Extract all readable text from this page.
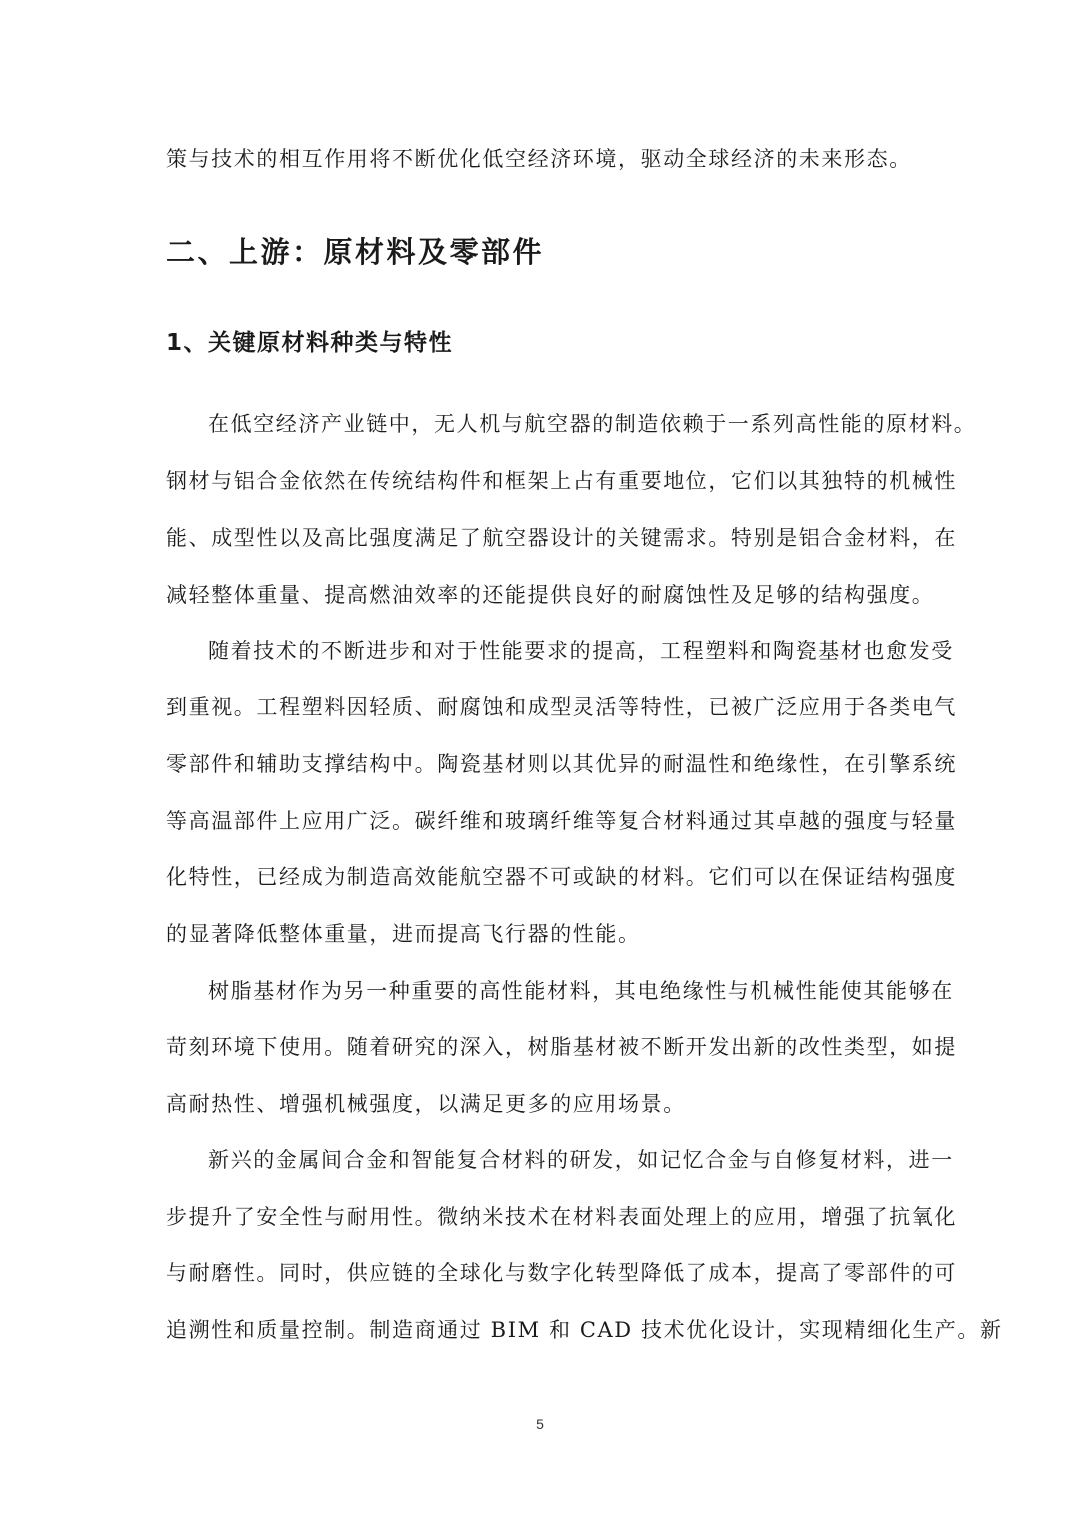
策与技术的相互作用将不断优化低空经济环境，驱动全球经济的未来形态。
二、上游：原材料及零部件
1、关键原材料种类与特性
在低空经济产业链中，无人机与航空器的制造依赖于一系列高性能的原材料。
钢材与铝合金依然在传统结构件和框架上占有重要地位，它们以其独特的机械性
能、成型性以及高比强度满足了航空器设计的关键需求。特别是铝合金材料，在
减轻整体重量、提高燃油效率的还能提供良好的耐腐蚀性及足够的结构强度。
随着技术的不断进步和对于性能要求的提高，工程塑料和陶瓷基材也愈发受
到重视。工程塑料因轻质、耐腐蚀和成型灵活等特性，已被广泛应用于各类电气
零部件和辅助支撑结构中。陶瓷基材则以其优异的耐温性和绝缘性，在引擎系统
等高温部件上应用广泛。碳纤维和玻璃纤维等复合材料通过其卓越的强度与轻量
化特性，已经成为制造高效能航空器不可或缺的材料。它们可以在保证结构强度
的显著降低整体重量，进而提高飞行器的性能。
树脂基材作为另一种重要的高性能材料，其电绝缘性与机械性能使其能够在
苛刻环境下使用。随着研究的深入，树脂基材被不断开发出新的改性类型，如提
高耐热性、增强机械强度，以满足更多的应用场景。
新兴的金属间合金和智能复合材料的研发，如记忆合金与自修复材料，进一
步提升了安全性与耐用性。微纳米技术在材料表面处理上的应用，增强了抗氧化
与耐磨性。同时，供应链的全球化与数字化转型降低了成本，提高了零部件的可
追溯性和质量控制。制造商通过 BIM 和 CAD 技术优化设计，实现精细化生产。新
5
